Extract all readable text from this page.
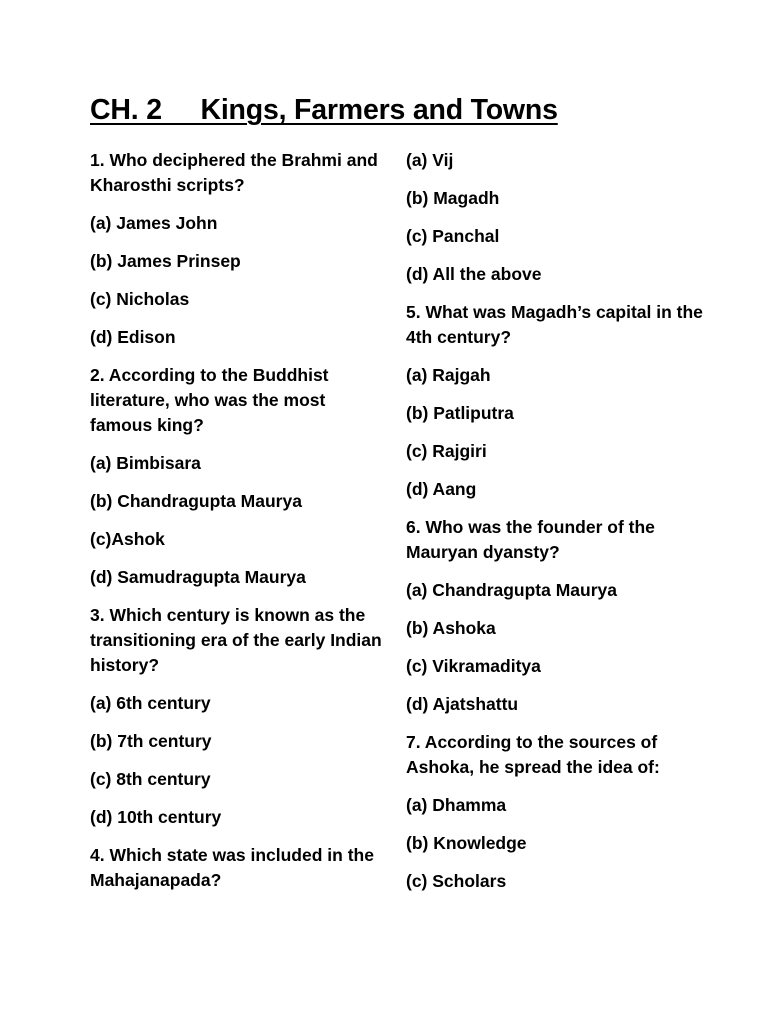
CH. 2     Kings, Farmers and Towns

1. Who deciphered the Brahmi and Kharosthi scripts?

(a) James John

(b) James Prinsep

(c) Nicholas

(d) Edison

2. According to the Buddhist literature, who was the most famous king?

(a) Bimbisara

(b) Chandragupta Maurya

(c)Ashok

(d) Samudragupta Maurya

3. Which century is known as the transitioning era of the early Indian history?

(a) 6th century

(b) 7th century

(c) 8th century

(d) 10th century

4. Which state was included in the Mahajanapada?

(a) Vij

(b) Magadh

(c) Panchal

(d) All the above

5. What was Magadh’s capital in the 4th century?

(a) Rajgah

(b) Patliputra

(c) Rajgiri

(d) Aang

6. Who was the founder of the Mauryan dyansty?

(a) Chandragupta Maurya

(b) Ashoka

(c) Vikramaditya

(d) Ajatshattu

7. According to the sources of Ashoka, he spread the idea of:

(a) Dhamma

(b) Knowledge

(c) Scholars
